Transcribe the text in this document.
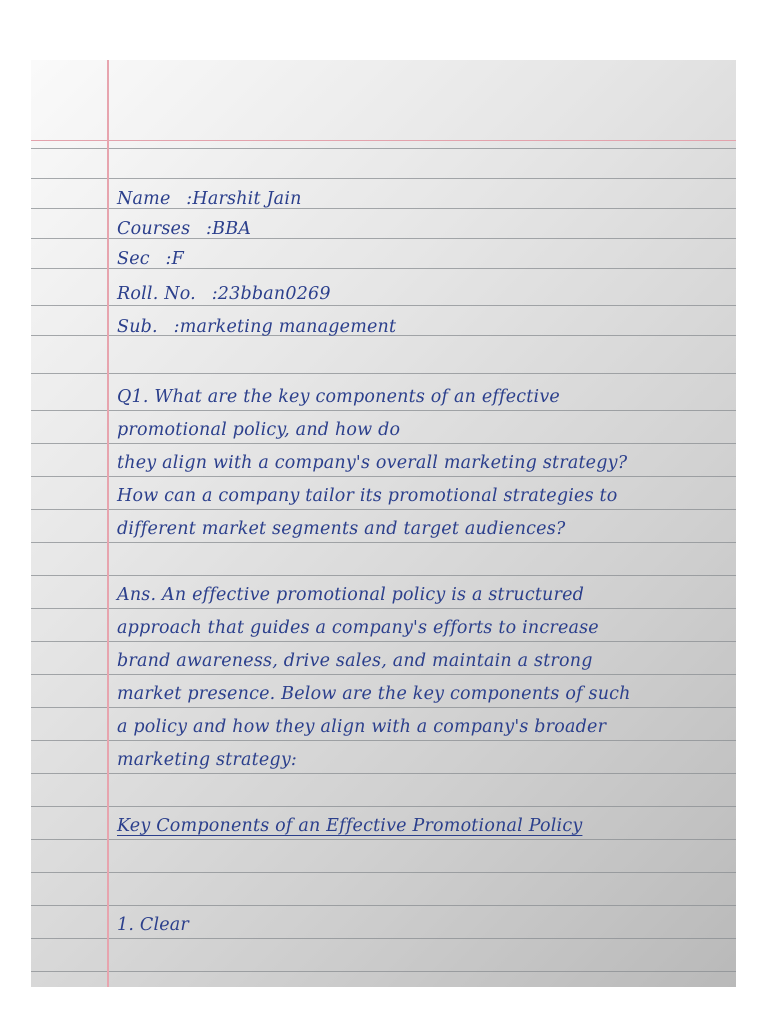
Name :Harshit Jain
Courses :BBA
Sec :F
Roll. No. :23bban0269
Sub. :marketing management
Q1. What are the key components of an effective
promotional policy, and how do
they align with a company's overall marketing strategy?
How can a company tailor its promotional strategies to
different market segments and target audiences?
Ans. An effective promotional policy is a structured
approach that guides a company's efforts to increase
brand awareness, drive sales, and maintain a strong
market presence. Below are the key components of such
a policy and how they align with a company's broader
marketing strategy:
Key Components of an Effective Promotional Policy
1. Clear
